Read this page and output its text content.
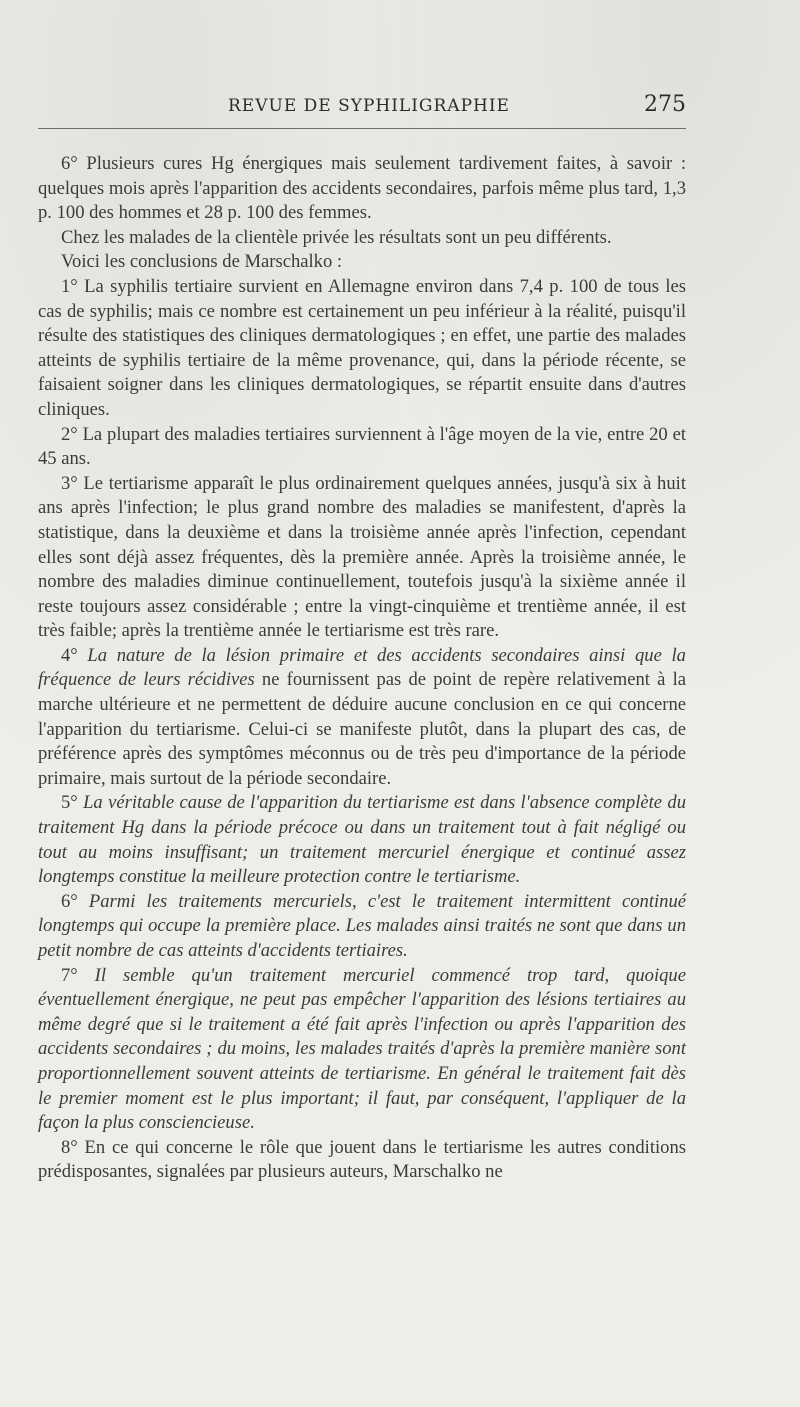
REVUE DE SYPHILIGRAPHIE	275

6° Plusieurs cures Hg énergiques mais seulement tardivement faites, à savoir : quelques mois après l'apparition des accidents secondaires, parfois même plus tard, 1,3 p. 100 des hommes et 28 p. 100 des femmes.

Chez les malades de la clientèle privée les résultats sont un peu différents.

Voici les conclusions de Marschalko :

1° La syphilis tertiaire survient en Allemagne environ dans 7,4 p. 100 de tous les cas de syphilis; mais ce nombre est certainement un peu inférieur à la réalité, puisqu'il résulte des statistiques des cliniques dermatologiques ; en effet, une partie des malades atteints de syphilis tertiaire de la même provenance, qui, dans la période récente, se faisaient soigner dans les cliniques dermatologiques, se répartit ensuite dans d'autres cliniques.

2° La plupart des maladies tertiaires surviennent à l'âge moyen de la vie, entre 20 et 45 ans.

3° Le tertiarisme apparaît le plus ordinairement quelques années, jusqu'à six à huit ans après l'infection; le plus grand nombre des maladies se manifestent, d'après la statistique, dans la deuxième et dans la troisième année après l'infection, cependant elles sont déjà assez fréquentes, dès la première année. Après la troisième année, le nombre des maladies diminue continuellement, toutefois jusqu'à la sixième année il reste toujours assez considérable ; entre la vingt-cinquième et trentième année, il est très faible; après la trentième année le tertiarisme est très rare.

4° La nature de la lésion primaire et des accidents secondaires ainsi que la fréquence de leurs récidives ne fournissent pas de point de repère relativement à la marche ultérieure et ne permettent de déduire aucune conclusion en ce qui concerne l'apparition du tertiarisme. Celui-ci se manifeste plutôt, dans la plupart des cas, de préférence après des symptômes méconnus ou de très peu d'importance de la période primaire, mais surtout de la période secondaire.

5° La véritable cause de l'apparition du tertiarisme est dans l'absence complète du traitement Hg dans la période précoce ou dans un traitement tout à fait négligé ou tout au moins insuffisant; un traitement mercuriel énergique et continué assez longtemps constitue la meilleure protection contre le tertiarisme.

6° Parmi les traitements mercuriels, c'est le traitement intermittent continué longtemps qui occupe la première place. Les malades ainsi traités ne sont que dans un petit nombre de cas atteints d'accidents tertiaires.

7° Il semble qu'un traitement mercuriel commencé trop tard, quoique éventuellement énergique, ne peut pas empêcher l'apparition des lésions tertiaires au même degré que si le traitement a été fait après l'infection ou après l'apparition des accidents secondaires ; du moins, les malades traités d'après la première manière sont proportionnellement souvent atteints de tertiarisme. En général le traitement fait dès le premier moment est le plus important; il faut, par conséquent, l'appliquer de la façon la plus consciencieuse.

8° En ce qui concerne le rôle que jouent dans le tertiarisme les autres conditions prédisposantes, signalées par plusieurs auteurs, Marschalko ne
